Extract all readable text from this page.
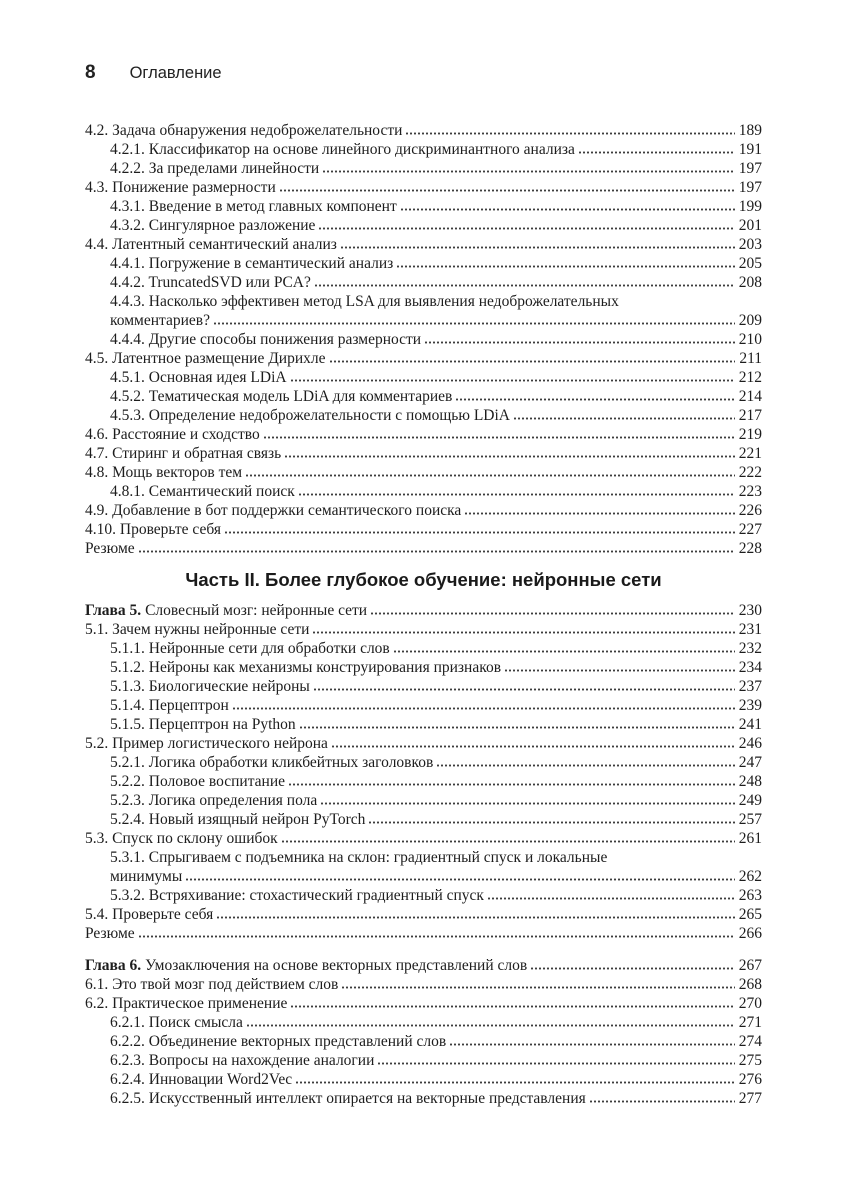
8 Оглавление
4.2. Задача обнаружения недоброжелательности	189
4.2.1. Классификатор на основе линейного дискриминантного анализа	191
4.2.2. За пределами линейности	197
4.3. Понижение размерности	197
4.3.1. Введение в метод главных компонент	199
4.3.2. Сингулярное разложение	201
4.4. Латентный семантический анализ	203
4.4.1. Погружение в семантический анализ	205
4.4.2. TruncatedSVD или PCA?	208
4.4.3. Насколько эффективен метод LSA для выявления недоброжелательных
комментариев?	209
4.4.4. Другие способы понижения размерности	210
4.5. Латентное размещение Дирихле	211
4.5.1. Основная идея LDiA	212
4.5.2. Тематическая модель LDiA для комментариев	214
4.5.3. Определение недоброжелательности с помощью LDiA	217
4.6. Расстояние и сходство	219
4.7. Стиринг и обратная связь	221
4.8. Мощь векторов тем	222
4.8.1. Семантический поиск	223
4.9. Добавление в бот поддержки семантического поиска	226
4.10. Проверьте себя	227
Резюме	228
Часть II. Более глубокое обучение: нейронные сети
Глава 5. Словесный мозг: нейронные сети	230
5.1. Зачем нужны нейронные сети	231
5.1.1. Нейронные сети для обработки слов	232
5.1.2. Нейроны как механизмы конструирования признаков	234
5.1.3. Биологические нейроны	237
5.1.4. Перцептрон	239
5.1.5. Перцептрон на Python	241
5.2. Пример логистического нейрона	246
5.2.1. Логика обработки кликбейтных заголовков	247
5.2.2. Половое воспитание	248
5.2.3. Логика определения пола	249
5.2.4. Новый изящный нейрон PyTorch	257
5.3. Спуск по склону ошибок	261
5.3.1. Спрыгиваем с подъемника на склон: градиентный спуск и локальные
минимумы	262
5.3.2. Встряхивание: стохастический градиентный спуск	263
5.4. Проверьте себя	265
Резюме	266
Глава 6. Умозаключения на основе векторных представлений слов	267
6.1. Это твой мозг под действием слов	268
6.2. Практическое применение	270
6.2.1. Поиск смысла	271
6.2.2. Объединение векторных представлений слов	274
6.2.3. Вопросы на нахождение аналогии	275
6.2.4. Инновации Word2Vec	276
6.2.5. Искусственный интеллект опирается на векторные представления	277
